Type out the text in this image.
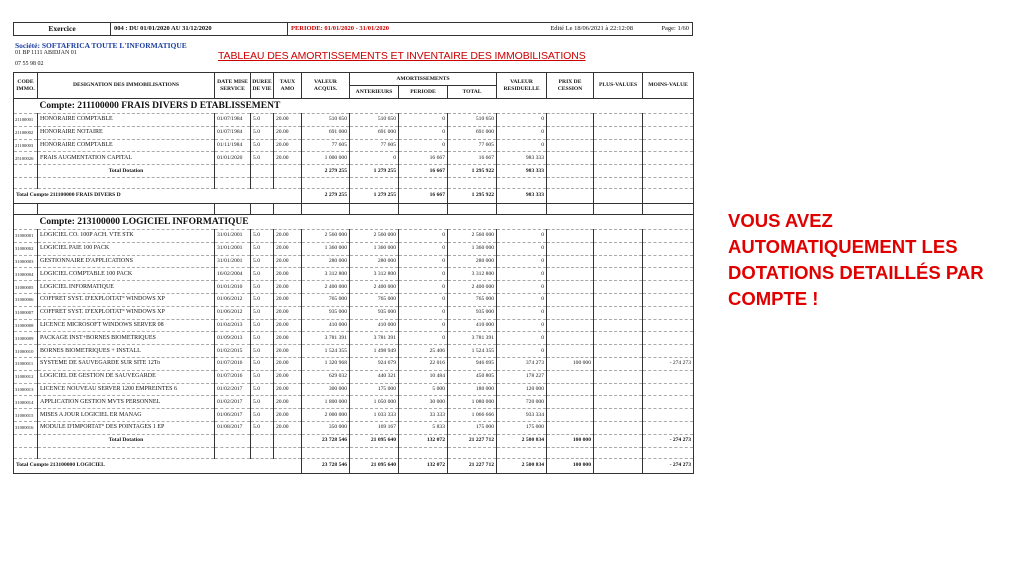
Exercice	004 : DU 01/01/2020 AU 31/12/2020	PERIODE: 01/01/2020 - 31/01/2020	Edité Le 18/06/2021 à 22:12:08	Page: 1/60
Société: SOFTAFRICA TOUTE L'INFORMATIQUE
01 BP 1111 ABIDJAN 01
07 55 98 02
TABLEAU DES AMORTISSEMENTS ET INVENTAIRE DES IMMOBILISATIONS
CODE IMMO.	DESIGNATION DES IMMOBILISATIONS	DATE MISE SERVICE	DUREE DE VIE	TAUX AMO	VALEUR ACQUIS.	AMORTISSEMENTS			VALEUR RESIDUELLE	PRIX DE CESSION	PLUS-VALUES	MOINS-VALUE
						ANTERIEURS	PERIODE	TOTAL				
	Compte: 211100000 FRAIS DIVERS D ETABLISSEMENT											
21100001	HONORAIRE COMPTABLE	01/07/1984	5.0	20.00	510 650	510 650	0	510 650	0			
21100002	HONORAIRE NOTAIRE	01/07/1984	5.0	20.00	691 000	691 000	0	691 000	0			
21100003	HONORAIRE COMPTABLE	01/11/1984	5.0	20.00	77 605	77 605	0	77 605	0			
25100026	FRAIS AUGMENTATION CAPITAL	01/01/2020	5.0	20.00	1 000 000	0	16 667	16 667	983 333			
	Total Dotation				2 279 255	1 279 255	16 667	1 295 922	983 333			

Total Compte 211100000 FRAIS DIVERS D					2 279 255	1 279 255	16 667	1 295 922	983 333			

	Compte: 213100000 LOGICIEL INFORMATIQUE											
31000001	LOGICIEL CO. 100P ACH. VTE STK	31/01/2001	5.0	20.00	2 560 000	2 560 000	0	2 560 000	0			
31000002	LOGICIEL PAIE 100 PACK	31/01/2001	5.0	20.00	1 360 000	1 360 000	0	1 360 000	0			
31000003	GESTIONNAIRE D'APPLICATIONS	31/01/2001	5.0	20.00	280 000	280 000	0	280 000	0			
31000004	LOGICIEL COMPTABLE 100 PACK	16/02/2004	5.0	20.00	3 312 800	3 312 800	0	3 312 800	0			
31000005	LOGICIEL INFORMATIQUE	01/01/2010	5.0	20.00	2 400 000	2 400 000	0	2 400 000	0			
31000006	COFFRET SYST. D'EXPLOITAT° WINDOWS XP	01/06/2012	5.0	20.00	765 000	765 000	0	765 000	0			
31000007	COFFRET SYST. D'EXPLOITAT° WINDOWS XP	01/06/2012	5.0	20.00	935 000	935 000	0	935 000	0			
31000008	LICENCE MICROSOFT WINDOWS SERVER 08	01/04/2013	5.0	20.00	410 000	410 000	0	410 000	0			
31000009	PACKAGE INST+BORNES BIOMETRIQUES	01/09/2013	5.0	20.00	3 781 391	3 781 391	0	3 781 391	0			
31000010	BORNES BIOMETRIQUES + INSTALL	01/02/2015	5.0	20.00	1 524 355	1 498 949	25 406	1 524 355	0			
31000011	SYSTEME DE SAUVEGARDE SUR SITE 12To	01/07/2016	5.0	20.00	1 320 968	924 679	22 016	946 695	374 273	100 000		- 274 273
31000012	LOGICIEL DE GESTION DE SAUVEGARDE	01/07/2016	5.0	20.00	629 032	440 321	10 484	450 805	178 227			
31000013	LICENCE NOUVEAU SERVER 1200 EMPREINTES 6	01/02/2017	5.0	20.00	300 000	175 000	5 000	180 000	120 000			
31000014	APPLICATION GESTION MVTS PERSONNEL	01/02/2017	5.0	20.00	1 800 000	1 050 000	30 000	1 080 000	720 000			
31000015	MISES A JOUR LOGICIEL ER MANAG	01/06/2017	5.0	20.00	2 000 000	1 033 333	33 333	1 066 666	933 334			
31000016	MODULE D'IMPORTAT° DES POINTAGES 1 EP	01/08/2017	5.0	20.00	350 000	169 167	5 833	175 000	175 000			
	Total Dotation				23 728 546	21 095 640	132 072	21 227 712	2 500 834	100 000		- 274 273

Total Compte 213100000 LOGICIEL					23 728 546	21 095 640	132 072	21 227 712	2 500 834	100 000		- 274 273
VOUS AVEZ AUTOMATIQUEMENT LES DOTATIONS DETAILLÉS PAR COMPTE !
